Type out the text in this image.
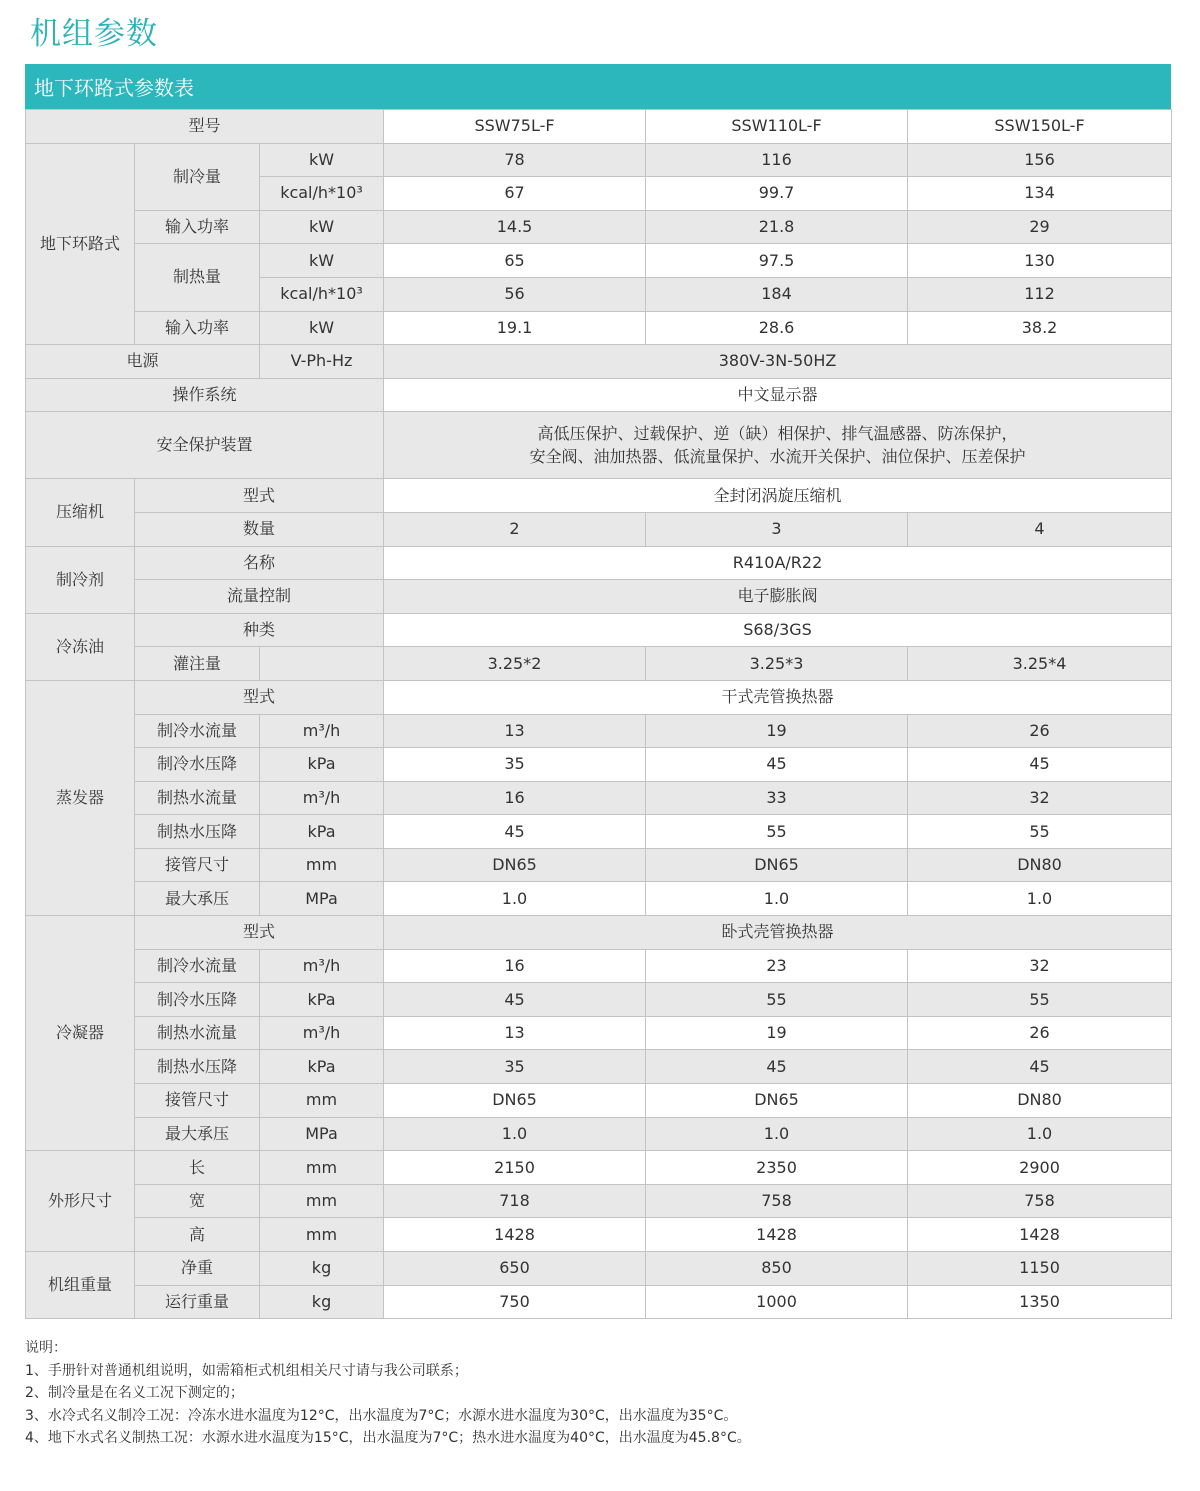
机组参数
地下环路式参数表
型号			SSW75L-F	SSW110L-F	SSW150L-F
地下环路式	制冷量	kW	78	116	156
		kcal/h*10³	67	99.7	134
	输入功率	kW	14.5	21.8	29
	制热量	kW	65	97.5	130
		kcal/h*10³	56	184	112
	输入功率	kW	19.1	28.6	38.2
电源		V-Ph-Hz	380V-3N-50HZ		
操作系统			中文显示器		
安全保护装置			高低压保护、过载保护、逆（缺）相保护、排气温感器、防冻保护，
安全阀、油加热器、低流量保护、水流开关保护、油位保护、压差保护		

压缩机	型式		全封闭涡旋压缩机		
	数量		2	3	4
制冷剂	名称		R410A/R22		
	流量控制		电子膨胀阀		
冷冻油	种类		S68/3GS		
	灌注量		3.25*2	3.25*3	3.25*4
蒸发器	型式		干式壳管换热器		
	制冷水流量	m³/h	13	19	26
	制冷水压降	kPa	35	45	45
	制热水流量	m³/h	16	33	32
	制热水压降	kPa	45	55	55
	接管尺寸	mm	DN65	DN65	DN80
	最大承压	MPa	1.0	1.0	1.0
冷凝器	型式		卧式壳管换热器		
	制冷水流量	m³/h	16	23	32
	制冷水压降	kPa	45	55	55
	制热水流量	m³/h	13	19	26
	制热水压降	kPa	35	45	45
	接管尺寸	mm	DN65	DN65	DN80
	最大承压	MPa	1.0	1.0	1.0
外形尺寸	长	mm	2150	2350	2900
	宽	mm	718	758	758
	高	mm	1428	1428	1428
机组重量	净重	kg	650	850	1150
	运行重量	kg	750	1000	1350
说明：
1、手册针对普通机组说明，如需箱柜式机组相关尺寸请与我公司联系；
2、制冷量是在名义工况下测定的；
3、水冷式名义制冷工况：冷冻水进水温度为12°C，出水温度为7°C；水源水进水温度为30°C，出水温度为35°C。
4、地下水式名义制热工况：水源水进水温度为15°C，出水温度为7°C；热水进水温度为40°C，出水温度为45.8°C。
